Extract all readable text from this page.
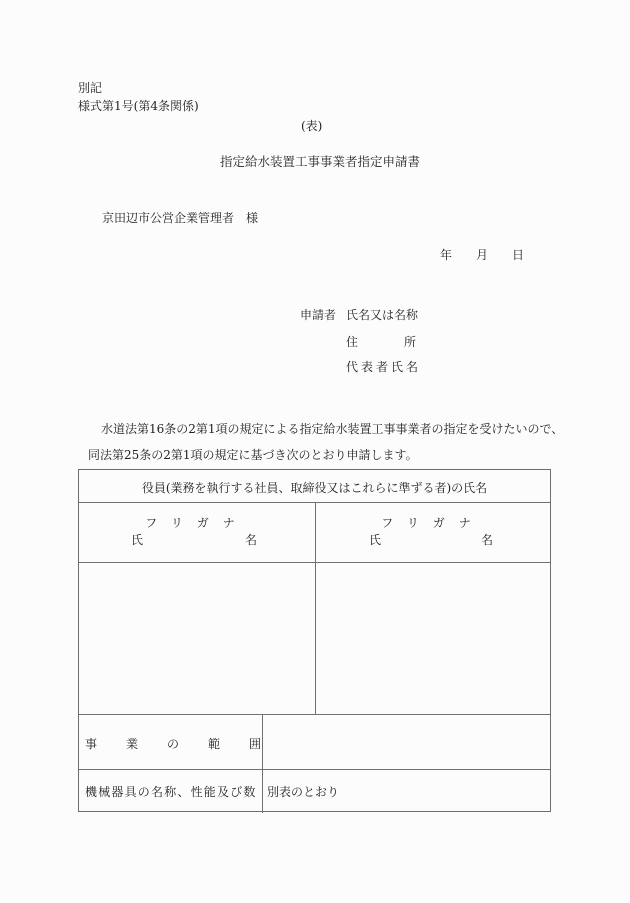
別記
様式第1号(第4条関係)
(表)
指定給水装置工事事業者指定申請書
京田辺市公営企業管理者　様
年 月 日
申請者 氏名又は名称
住	所
代表者氏名
水道法第16条の2第1項の規定による指定給水装置工事事業者の指定を受けたいので、
同法第25条の2第1項の規定に基づき次のとおり申請します。
役員(業務を執行する社員、取締役又はこれらに準ずる者)の氏名
フリガナ
氏	名
フリガナ
氏	名
事 業 の 範 囲
機械器具の名称、性能及び数 別表のとおり
